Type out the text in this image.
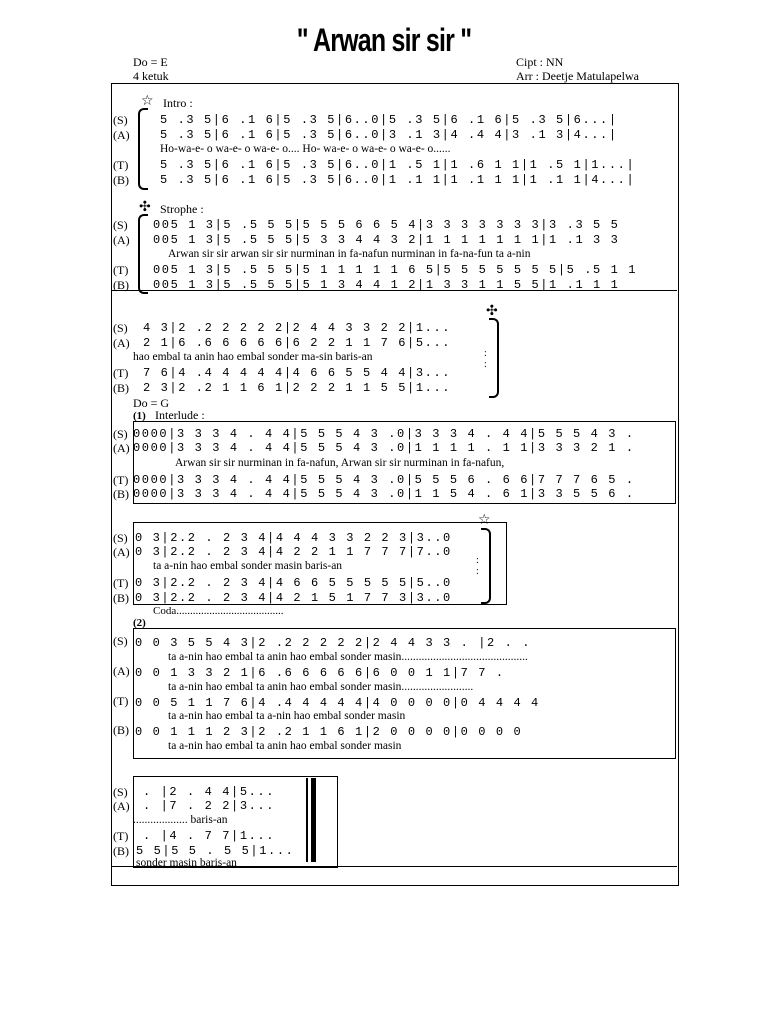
" Arwan sir sir "
Do = E
4 ketuk
Cipt : NN
Arr : Deetje Matulapelwa
☆ Intro :
(S)
(A)
(T)
(B)
5 .3 5|6 .1 6|5 .3 5|6..0|5 .3 5|6 .1 6|5 .3 5|6...|
5 .3 5|6 .1 6|5 .3 5|6..0|3 .1 3|4 .4 4|3 .1 3|4...|
Ho-wa-e- o wa-e- o wa-e- o.... Ho- wa-e- o wa-e- o wa-e- o......
5 .3 5|6 .1 6|5 .3 5|6..0|1 .5 1|1 .6 1 1|1 .5 1|1...|
5 .3 5|6 .1 6|5 .3 5|6..0|1 .1 1|1 .1 1 1|1 .1 1|4...|
✣ Strophe :
(S)
(A)
(T)
(B)
005 1 3|5 .5 5 5|5 5 5 6 6 5 4|3 3 3 3 3 3 3|3 .3 5 5
005 1 3|5 .5 5 5|5 3 3 4 4 3 2|1 1 1 1 1 1 1|1 .1 3 3
Arwan sir sir arwan sir sir nurminan in fa-nafun nurminan in fa-na-fun ta a-nin
005 1 3|5 .5 5 5|5 1 1 1 1 1 6 5|5 5 5 5 5 5 5|5 .5 1 1
005 1 3|5 .5 5 5|5 1 3 4 4 1 2|1 3 3 1 1 5 5|1 .1 1 1
(S)
(A)
(T)
(B)
4 3|2 .2 2 2 2 2|2 4 4 3 3 2 2|1...
2 1|6 .6 6 6 6 6|6 2 2 1 1 7 6|5...
hao embal ta anin hao embal sonder ma-sin baris-an
7 6|4 .4 4 4 4 4|4 6 6 5 5 4 4|3...
2 3|2 .2 1 1 6 1|2 2 2 1 1 5 5|1...
✣
:
:
Do = G
(1) Interlude :
(S)
(A)
(T)
(B)
0000|3 3 3 4 . 4 4|5 5 5 4 3 .0|3 3 3 4 . 4 4|5 5 5 4 3 .
0000|3 3 3 4 . 4 4|5 5 5 4 3 .0|1 1 1 1 . 1 1|3 3 3 2 1 .
Arwan sir sir nurminan in fa-nafun, Arwan sir sir nurminan in fa-nafun,
0000|3 3 3 4 . 4 4|5 5 5 4 3 .0|5 5 5 6 . 6 6|7 7 7 6 5 .
0000|3 3 3 4 . 4 4|5 5 5 4 3 .0|1 1 5 4 . 6 1|3 3 5 5 6 .
(S)
(A)
(T)
(B)
0 3|2.2 . 2 3 4|4 4 4 3 3 2 2 3|3..0
0 3|2.2 . 2 3 4|4 2 2 1 1 7 7 7|7..0
ta a-nin hao embal sonder masin baris-an
0 3|2.2 . 2 3 4|4 6 6 5 5 5 5 5|5..0
0 3|2.2 . 2 3 4|4 2 1 5 1 7 7 3|3..0
☆
:
:
Coda.......................................
(2)
(S)
(A)
(T)
(B)
0 0 3 5 5 4 3|2 .2 2 2 2 2|2 4 4 3 3 . |2 . .
ta a-nin hao embal ta anin hao embal sonder masin............................................
0 0 1 3 3 2 1|6 .6 6 6 6 6|6 0 0 1 1|7 7 .
ta a-nin hao embal ta anin hao embal sonder masin.........................
0 0 5 1 1 7 6|4 .4 4 4 4 4|4 0 0 0 0|0 4 4 4 4
ta a-nin hao embal ta a-nin hao embal sonder masin
0 0 1 1 1 2 3|2 .2 1 1 6 1|2 0 0 0 0|0 0 0 0
ta a-nin hao embal ta anin hao embal sonder masin
(S)
(A)
(T)
(B)
. |2 . 4 4|5...
. |7 . 2 2|3...
................... baris-an
. |4 . 7 7|1...
5 5|5 5 . 5 5|1...
sonder masin baris-an
